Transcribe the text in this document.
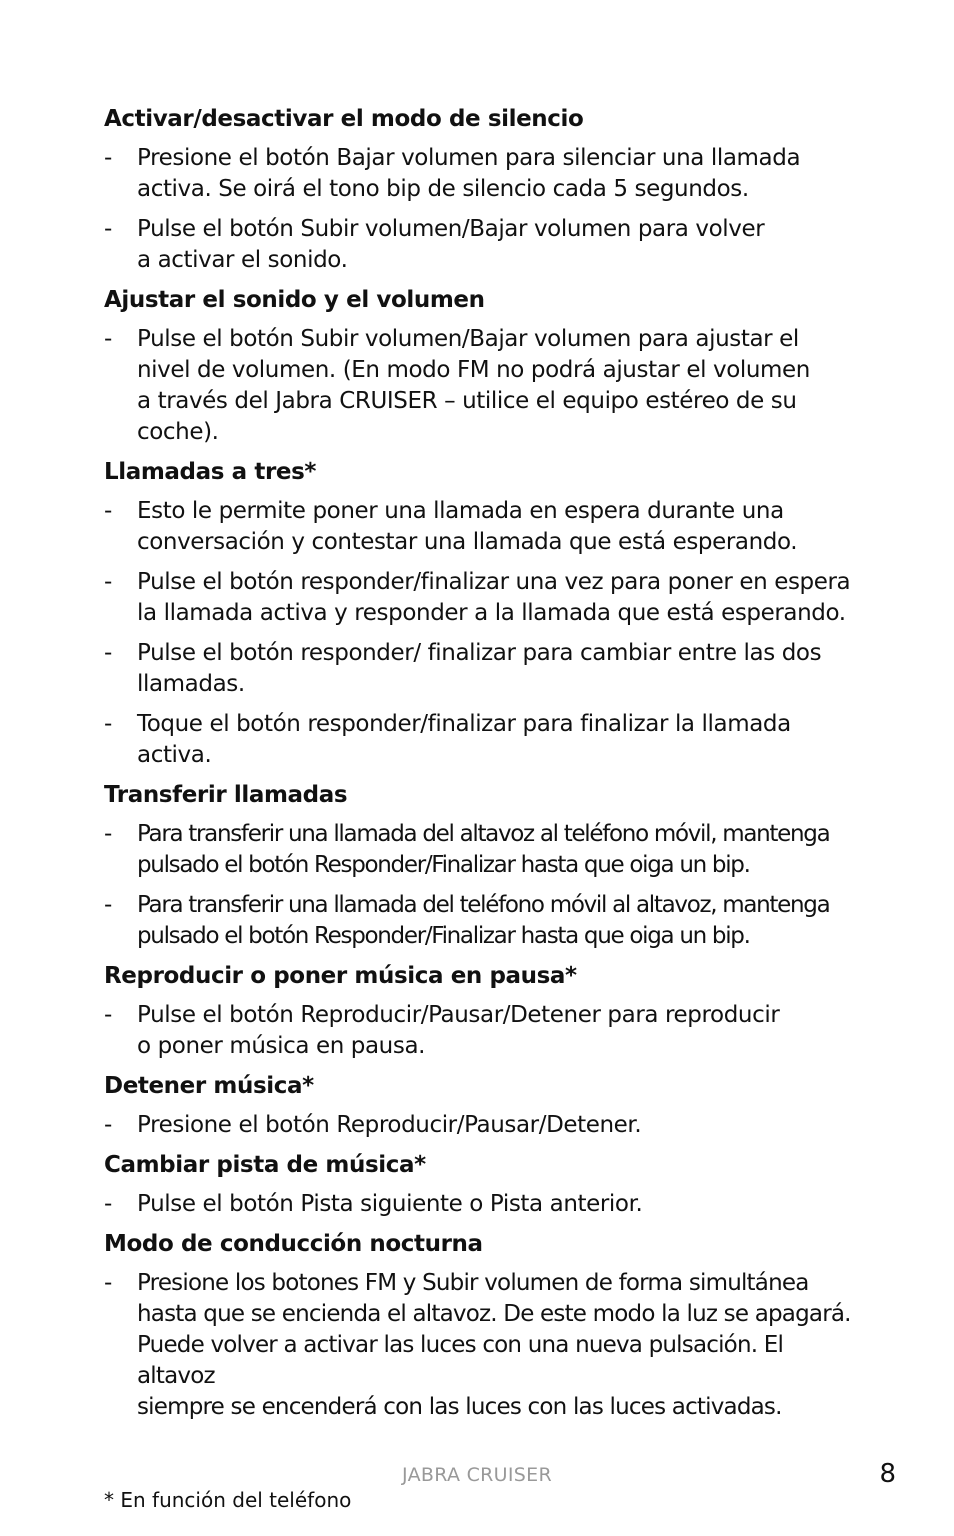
Activar/desactivar el modo de silencio
- Presione el botón Bajar volumen para silenciar una llamada
activa. Se oirá el tono bip de silencio cada 5 segundos.
- Pulse el botón Subir volumen/Bajar volumen para volver
a activar el sonido.
Ajustar el sonido y el volumen
- Pulse el botón Subir volumen/Bajar volumen para ajustar el
nivel de volumen. (En modo FM no podrá ajustar el volumen
a través del Jabra CRUISER – utilice el equipo estéreo de su
coche).
Llamadas a tres*
- Esto le permite poner una llamada en espera durante una
conversación y contestar una llamada que está esperando.
- Pulse el botón responder/finalizar una vez para poner en espera
la llamada activa y responder a la llamada que está esperando.
- Pulse el botón responder/ finalizar para cambiar entre las dos
llamadas.
- Toque el botón responder/finalizar para finalizar la llamada
activa.
Transferir llamadas
- Para transferir una llamada del altavoz al teléfono móvil, mantenga
pulsado el botón Responder/Finalizar hasta que oiga un bip.
- Para transferir una llamada del teléfono móvil al altavoz, mantenga
pulsado el botón Responder/Finalizar hasta que oiga un bip.
Reproducir o poner música en pausa*
- Pulse el botón Reproducir/Pausar/Detener para reproducir
o poner música en pausa.
Detener música*
- Presione el botón Reproducir/Pausar/Detener.
Cambiar pista de música*
- Pulse el botón Pista siguiente o Pista anterior.
Modo de conducción nocturna
- Presione los botones FM y Subir volumen de forma simultánea
hasta que se encienda el altavoz. De este modo la luz se apagará.
Puede volver a activar las luces con una nueva pulsación. El altavoz
siempre se encenderá con las luces con las luces activadas.
JABRA CRUISER	8
* En función del teléfono
